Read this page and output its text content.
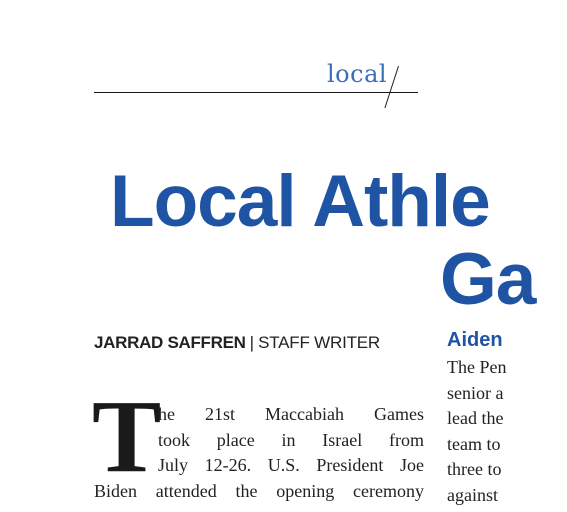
local
Local Athle
Ga
JARRAD SAFFREN | STAFF WRITER
T
he 21st Maccabiah Games
took place in Israel from
July 12-26. U.S. President Joe
Biden attended the opening ceremony
Aiden
The Pen
senior a
lead the
team to
three to
against
